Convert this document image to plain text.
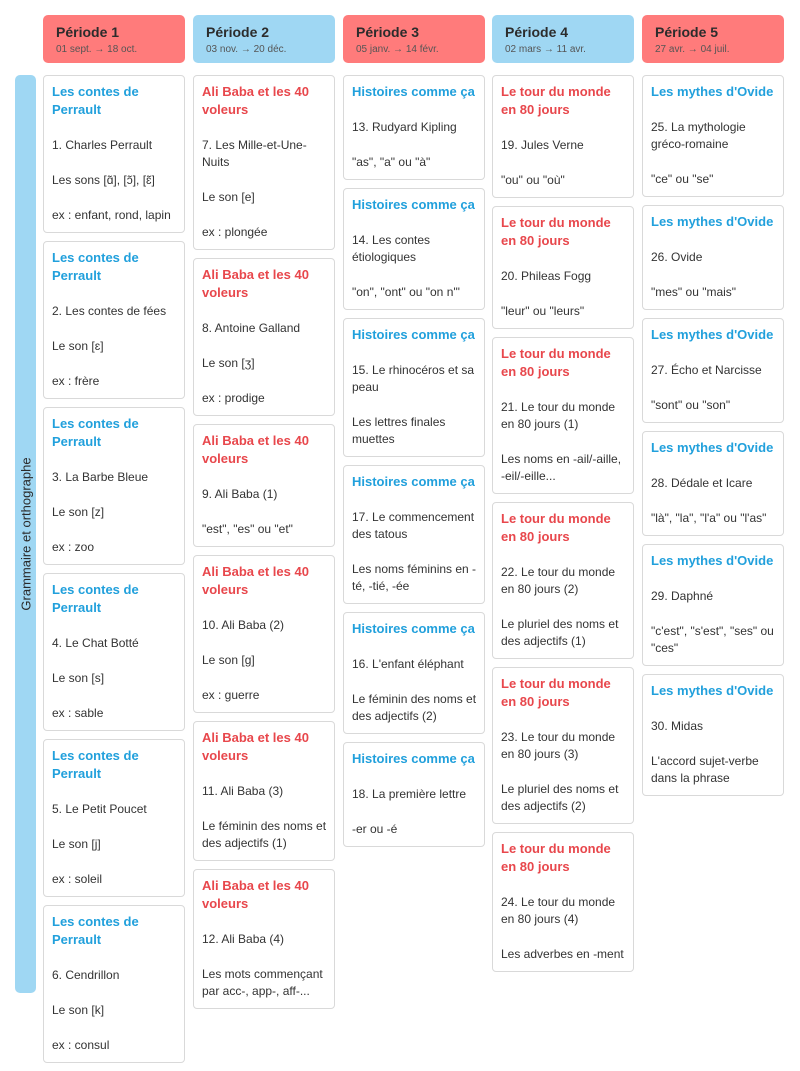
Grammaire et orthographe
Période 1
01 sept. → 18 oct.
Période 2
03 nov. → 20 déc.
Période 3
05 janv. → 14 févr.
Période 4
02 mars → 11 avr.
Période 5
27 avr. → 04 juil.
Les contes de Perrault
1. Charles Perrault
Les sons [ɑ̃], [ɔ̃], [ɛ̃]
ex : enfant, rond, lapin
Les contes de Perrault
2. Les contes de fées
Le son [ɛ]
ex : frère
Les contes de Perrault
3. La Barbe Bleue
Le son [z]
ex : zoo
Les contes de Perrault
4. Le Chat Botté
Le son [s]
ex : sable
Les contes de Perrault
5. Le Petit Poucet
Le son [j]
ex : soleil
Les contes de Perrault
6. Cendrillon
Le son [k]
ex : consul
Ali Baba et les 40 voleurs
7. Les Mille-et-Une-Nuits
Le son [e]
ex : plongée
Ali Baba et les 40 voleurs
8. Antoine Galland
Le son [ʒ]
ex : prodige
Ali Baba et les 40 voleurs
9. Ali Baba (1)
"est", "es" ou "et"
Ali Baba et les 40 voleurs
10. Ali Baba (2)
Le son [g]
ex : guerre
Ali Baba et les 40 voleurs
11. Ali Baba (3)
Le féminin des noms et des adjectifs (1)
Ali Baba et les 40 voleurs
12. Ali Baba (4)
Les mots commençant par acc-, app-, aff-...
Histoires comme ça
13. Rudyard Kipling
"as", "a" ou "à"
Histoires comme ça
14. Les contes étiologiques
"on", "ont" ou "on n'"
Histoires comme ça
15. Le rhinocéros et sa peau
Les lettres finales muettes
Histoires comme ça
17. Le commencement des tatous
Les noms féminins en -té, -tié, -ée
Histoires comme ça
16. L'enfant éléphant
Le féminin des noms et des adjectifs (2)
Histoires comme ça
18. La première lettre
-er ou -é
Le tour du monde en 80 jours
19. Jules Verne
"ou" ou "où"
Le tour du monde en 80 jours
20. Phileas Fogg
"leur" ou "leurs"
Le tour du monde en 80 jours
21. Le tour du monde en 80 jours (1)
Les noms en -ail/-aille, -eil/-eille...
Le tour du monde en 80 jours
22. Le tour du monde en 80 jours (2)
Le pluriel des noms et des adjectifs (1)
Le tour du monde en 80 jours
23. Le tour du monde en 80 jours (3)
Le pluriel des noms et des adjectifs (2)
Le tour du monde en 80 jours
24. Le tour du monde en 80 jours (4)
Les adverbes en -ment
Les mythes d'Ovide
25. La mythologie gréco-romaine
"ce" ou "se"
Les mythes d'Ovide
26. Ovide
"mes" ou "mais"
Les mythes d'Ovide
27. Écho et Narcisse
"sont" ou "son"
Les mythes d'Ovide
28. Dédale et Icare
"là", "la", "l'a" ou "l'as"
Les mythes d'Ovide
29. Daphné
"c'est", "s'est", "ses" ou "ces"
Les mythes d'Ovide
30. Midas
L'accord sujet-verbe dans la phrase
